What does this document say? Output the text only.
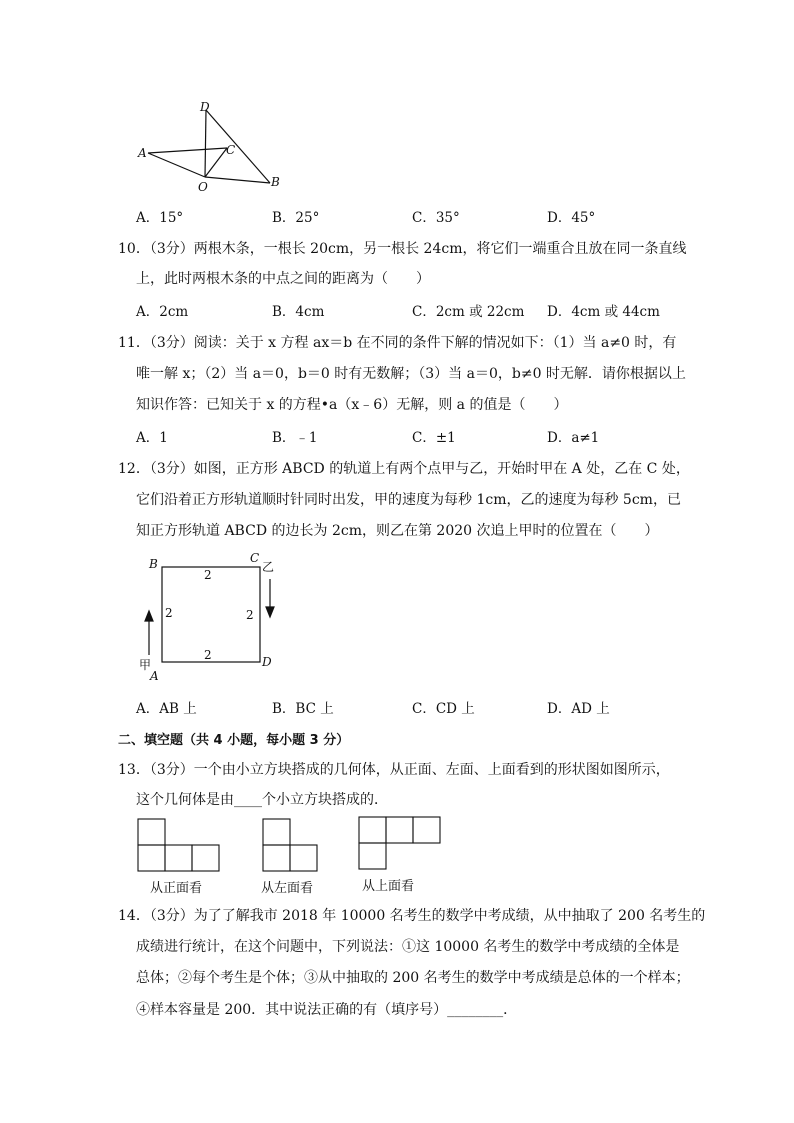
D
A	C
O	B
A．15°	B．25°	C．35°	D．45°
10．（3分）两根木条，一根长 20cm，另一根长 24cm，将它们一端重合且放在同一条直线
上，此时两根木条的中点之间的距离为（　　）
A．2cm	B．4cm	C．2cm 或 22cm D．4cm 或 44cm
11．（3分）阅读：关于 x 方程 ax＝b 在不同的条件下解的情况如下：（1）当 a≠0 时，有
唯一解 x；（2）当 a＝0，b＝0 时有无数解；（3）当 a＝0，b≠0 时无解．请你根据以上
知识作答：已知关于 x 的方程•a（x﹣6）无解，则 a 的值是（　　）
A．1	B．﹣1	C．±1	D．a≠1
12．（3分）如图，正方形 ABCD 的轨道上有两个点甲与乙，开始时甲在 A 处，乙在 C 处，
它们沿着正方形轨道顺时针同时出发，甲的速度为每秒 1cm，乙的速度为每秒 5cm，已
知正方形轨道 ABCD 的边长为 2cm，则乙在第 2020 次追上甲时的位置在（　　）
B	C
D
A
乙
甲
2
2	2
2
A．AB 上	B．BC 上	C．CD 上	D．AD 上
二、填空题（共 4 小题，每小题 3 分）
13．（3分）一个由小立方块搭成的几何体，从正面、左面、上面看到的形状图如图所示，
这个几何体是由____个小立方块搭成的．
从正面看	从左面看	从上面看
14．（3分）为了了解我市 2018 年 10000 名考生的数学中考成绩，从中抽取了 200 名考生的
成绩进行统计，在这个问题中，下列说法：①这 10000 名考生的数学中考成绩的全体是
总体；②每个考生是个体；③从中抽取的 200 名考生的数学中考成绩是总体的一个样本；
④样本容量是 200．其中说法正确的有（填序号）________．
